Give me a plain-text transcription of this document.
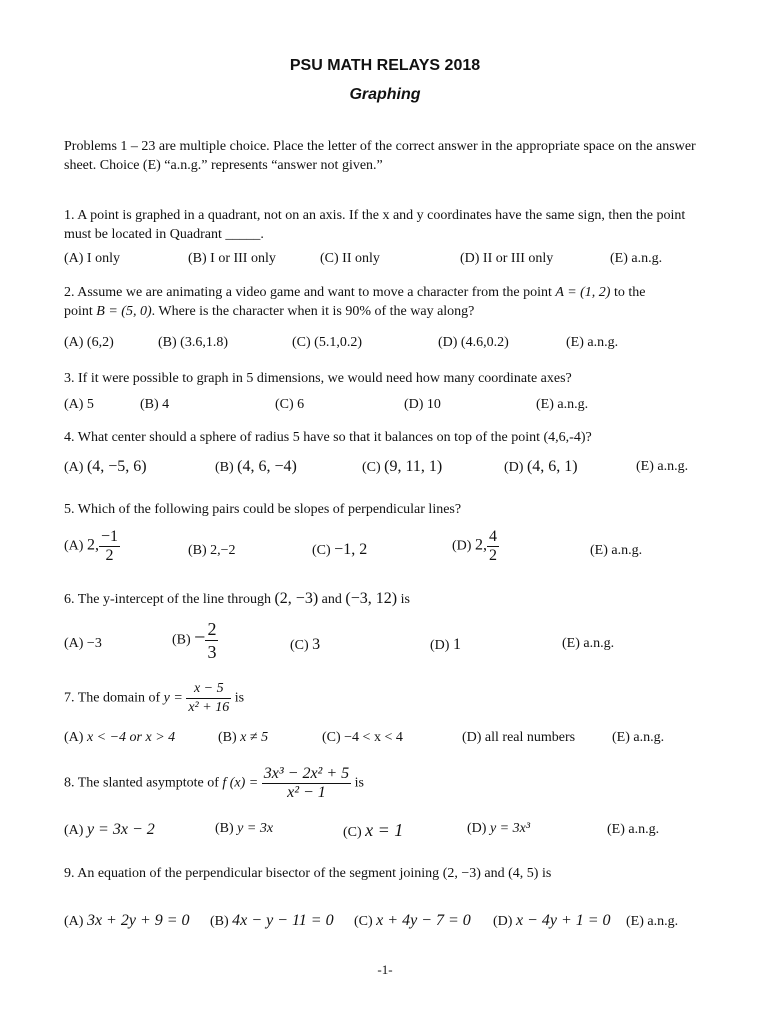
PSU MATH RELAYS 2018
Graphing
Problems 1 – 23 are multiple choice. Place the letter of the correct answer in the appropriate space on the answer sheet. Choice (E) “a.n.g.” represents “answer not given.”
1. A point is graphed in a quadrant, not on an axis. If the x and y coordinates have the same sign, then the point must be located in Quadrant _____.
(A) I only	(B) I or III only	(C) II only	(D) II or III only	(E) a.n.g.
2. Assume we are animating a video game and want to move a character from the point A = (1, 2) to the
point B = (5, 0). Where is the character when it is 90% of the way along?
(A) (6,2)	(B) (3.6,1.8)	(C) (5.1,0.2)	(D) (4.6,0.2)	(E) a.n.g.
3. If it were possible to graph in 5 dimensions, we would need how many coordinate axes?
(A) 5	(B) 4	(C) 6	(D) 10	(E) a.n.g.
4. What center should a sphere of radius 5 have so that it balances on top of the point (4,6,-4)?
(A) (4, −5, 6)	(B) (4, 6, −4)	(C) (9, 11, 1)	(D) (4, 6, 1)	(E) a.n.g.
5. Which of the following pairs could be slopes of perpendicular lines?
(A) 2, $\frac{-1}{2}$	(B) 2,−2	(C) −1, 2	(D) 2, $\frac{4}{2}$	(E) a.n.g.
6. The y-intercept of the line through (2, −3) and (−3, 12) is
(A) −3	$(B) - \frac{2}{3}$	(C) 3	(D) 1	(E) a.n.g.
7. The domain of $y = \frac{x - 5}{\text{x² + 16}}$ is
(A) x < −4 or x > 4	(B) x ≠ 5	(C) −4 < x < 4	(D) all real numbers	(E) a.n.g.
8. The slanted asymptote of f $(x) = \frac{\text{3x³ − 2x² + 5}}{\text{x² − 1}}$ is
(A) y = 3x − 2	(B) y = 3x	(C) x = 1	(D) y = 3x³	(E) a.n.g.
9. An equation of the perpendicular bisector of the segment joining (2, −3) and (4, 5) is
(A) 3x + 2y + 9 = 0 (B) 4x − y − 11 = 0 (C) x + 4y − 7 = 0 (D) x − 4y + 1 = 0 (E) a.n.g.
-1-
